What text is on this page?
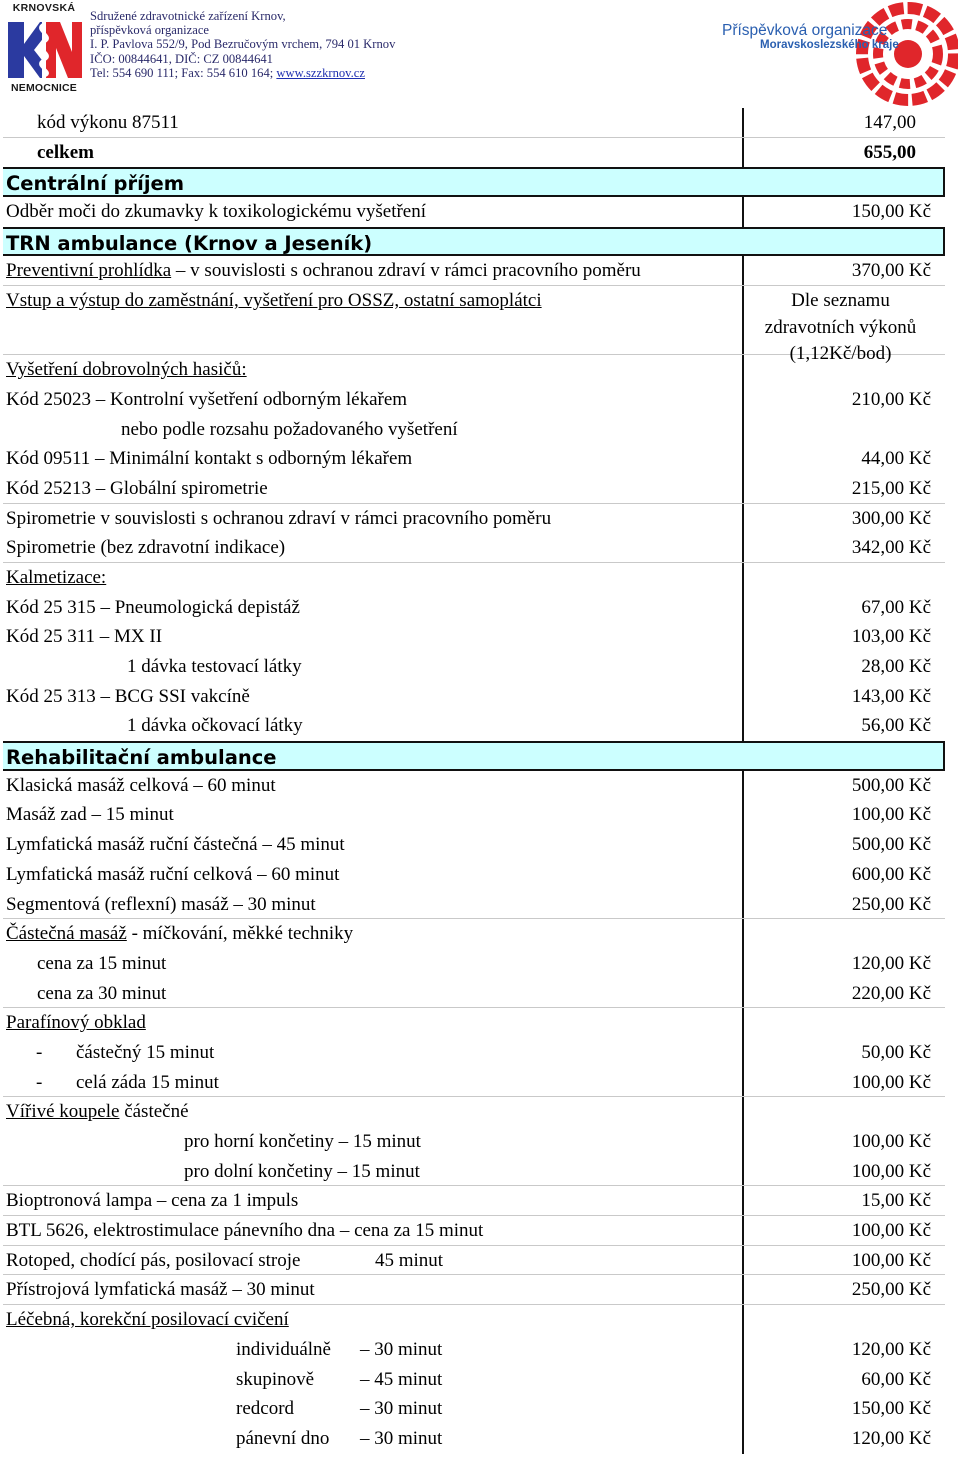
KRNOVSKÁ
NEMOCNICE
Sdružené zdravotnické zařízení Krnov,
příspěvková organizace
I. P. Pavlova 552/9, Pod Bezručovým vrchem, 794 01 Krnov
IČO: 00844641, DIČ: CZ 00844641
Tel: 554 690 111; Fax: 554 610 164; www.szzkrnov.cz
Příspěvková organizace
Moravskoslezského kraje
kód výkonu 87511	147,00
celkem	655,00
Centrální příjem
Odběr moči do zkumavky k toxikologickému vyšetření	150,00 Kč
TRN ambulance (Krnov a Jeseník)
Preventivní prohlídka – v souvislosti s ochranou zdraví v rámci pracovního poměru	370,00 Kč
Vstup a výstup do zaměstnání, vyšetření pro OSSZ, ostatní samoplátci	Dle seznamu zdravotních výkonů (1,12Kč/bod)
Vyšetření dobrovolných hasičů:
Kód 25023 – Kontrolní vyšetření odborným lékařem	210,00 Kč
nebo podle rozsahu požadovaného vyšetření
Kód 09511 – Minimální kontakt s odborným lékařem	44,00 Kč
Kód 25213 – Globální spirometrie	215,00 Kč
Spirometrie v souvislosti s ochranou zdraví v rámci pracovního poměru	300,00 Kč
Spirometrie (bez zdravotní indikace)	342,00 Kč
Kalmetizace:
Kód 25 315 – Pneumologická depistáž	67,00 Kč
Kód 25 311 – MX II	103,00 Kč
1 dávka testovací látky	28,00 Kč
Kód 25 313 – BCG SSI vakcíně	143,00 Kč
1 dávka očkovací látky	56,00 Kč
Rehabilitační ambulance
Klasická masáž celková – 60 minut	500,00 Kč
Masáž zad – 15 minut	100,00 Kč
Lymfatická masáž ruční částečná – 45 minut	500,00 Kč
Lymfatická masáž ruční celková – 60 minut	600,00 Kč
Segmentová (reflexní) masáž – 30 minut	250,00 Kč
Částečná masáž - míčkování, měkké techniky
cena za 15 minut	120,00 Kč
cena za 30 minut	220,00 Kč
Parafínový obklad
- částečný 15 minut	50,00 Kč
- celá záda 15 minut	100,00 Kč
Vířivé koupele částečné
pro horní končetiny – 15 minut	100,00 Kč
pro dolní končetiny – 15 minut	100,00 Kč
Bioptronová lampa – cena za 1 impuls	15,00 Kč
BTL 5626, elektrostimulace pánevního dna – cena za 15 minut	100,00 Kč
Rotoped, chodící pás, posilovací stroje	45 minut	100,00 Kč
Přístrojová lymfatická masáž – 30 minut	250,00 Kč
Léčebná, korekční posilovací cvičení
individuálně – 30 minut	120,00 Kč
skupinově – 45 minut	60,00 Kč
redcord	– 30 minut	150,00 Kč
pánevní dno – 30 minut	120,00 Kč
